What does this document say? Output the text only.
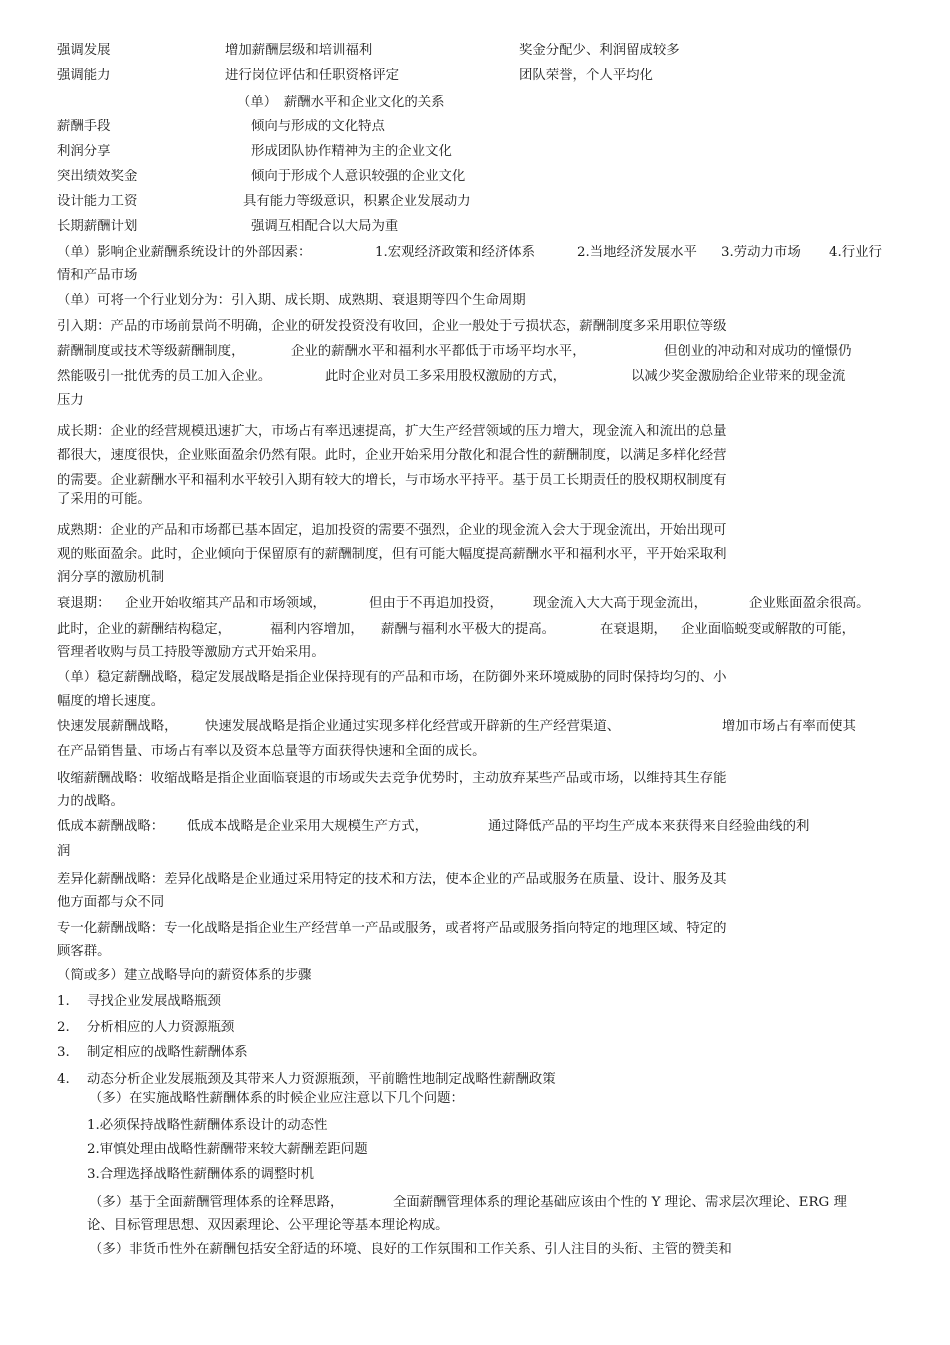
强调发展	增加薪酬层级和培训福利	奖金分配少、利润留成较多
强调能力	进行岗位评估和任职资格评定	团队荣誉，个人平均化
（单）　薪酬水平和企业文化的关系
薪酬手段	倾向与形成的文化特点
利润分享	形成团队协作精神为主的企业文化
突出绩效奖金	倾向于形成个人意识较强的企业文化
设计能力工资	具有能力等级意识，积累企业发展动力
长期薪酬计划	强调互相配合以大局为重
（单）影响企业薪酬系统设计的外部因素：	1.宏观经济政策和经济体系	2.当地经济发展水平 3.劳动力市场 4.行业行
情和产品市场
（单）可将一个行业划分为：引入期、成长期、成熟期、衰退期等四个生命周期
引入期：产品的市场前景尚不明确，企业的研发投资没有收回，企业一般处于亏损状态，薪酬制度多采用职位等级
薪酬制度或技术等级薪酬制度，	企业的薪酬水平和福利水平都低于市场平均水平，	但创业的冲动和对成功的憧憬仍
然能吸引一批优秀的员工加入企业。	此时企业对员工多采用股权激励的方式，	以减少奖金激励给企业带来的现金流
压力
成长期：企业的经营规模迅速扩大，市场占有率迅速提高，扩大生产经营领域的压力增大，现金流入和流出的总量
都很大，速度很快，企业账面盈余仍然有限。此时，企业开始采用分散化和混合性的薪酬制度，以满足多样化经营
的需要。企业薪酬水平和福利水平较引入期有较大的增长，与市场水平持平。基于员工长期责任的股权期权制度有
了采用的可能。
成熟期：企业的产品和市场都已基本固定，追加投资的需要不强烈，企业的现金流入会大于现金流出，开始出现可
观的账面盈余。此时，企业倾向于保留原有的薪酬制度，但有可能大幅度提高薪酬水平和福利水平，平开始采取利
润分享的激励机制
衰退期： 企业开始收缩其产品和市场领域，	但由于不再追加投资， 现金流入大大高于现金流出，	企业账面盈余很高。
此时，企业的薪酬结构稳定，	福利内容增加， 薪酬与福利水平极大的提高。	在衰退期， 企业面临蜕变或解散的可能，
管理者收购与员工持股等激励方式开始采用。
（单）稳定薪酬战略，稳定发展战略是指企业保持现有的产品和市场，在防御外来环境威胁的同时保持均匀的、小
幅度的增长速度。
快速发展薪酬战略， 快速发展战略是指企业通过实现多样化经营或开辟新的生产经营渠道、	增加市场占有率而使其
在产品销售量、市场占有率以及资本总量等方面获得快速和全面的成长。
收缩薪酬战略：收缩战略是指企业面临衰退的市场或失去竞争优势时，主动放弃某些产品或市场，以维持其生存能
力的战略。
低成本薪酬战略： 低成本战略是企业采用大规模生产方式，	通过降低产品的平均生产成本来获得来自经验曲线的利
润
差异化薪酬战略：差异化战略是企业通过采用特定的技术和方法，使本企业的产品或服务在质量、设计、服务及其
他方面都与众不同
专一化薪酬战略：专一化战略是指企业生产经营单一产品或服务，或者将产品或服务指向特定的地理区域、特定的
顾客群。
（简或多）建立战略导向的薪资体系的步骤
1. 寻找企业发展战略瓶颈
2. 分析相应的人力资源瓶颈
3. 制定相应的战略性薪酬体系
4. 动态分析企业发展瓶颈及其带来人力资源瓶颈，平前瞻性地制定战略性薪酬政策
（多）在实施战略性薪酬体系的时候企业应注意以下几个问题：
1.必须保持战略性薪酬体系设计的动态性
2.审慎处理由战略性薪酬带来较大薪酬差距问题
3.合理选择战略性薪酬体系的调整时机
（多）基于全面薪酬管理体系的诠释思路，	全面薪酬管理体系的理论基础应该由个性的 Y 理论、需求层次理论、ERG 理
论、目标管理思想、双因素理论、公平理论等基本理论构成。
（多）非货币性外在薪酬包括安全舒适的环境、良好的工作氛围和工作关系、引人注目的头衔、主管的赞美和
